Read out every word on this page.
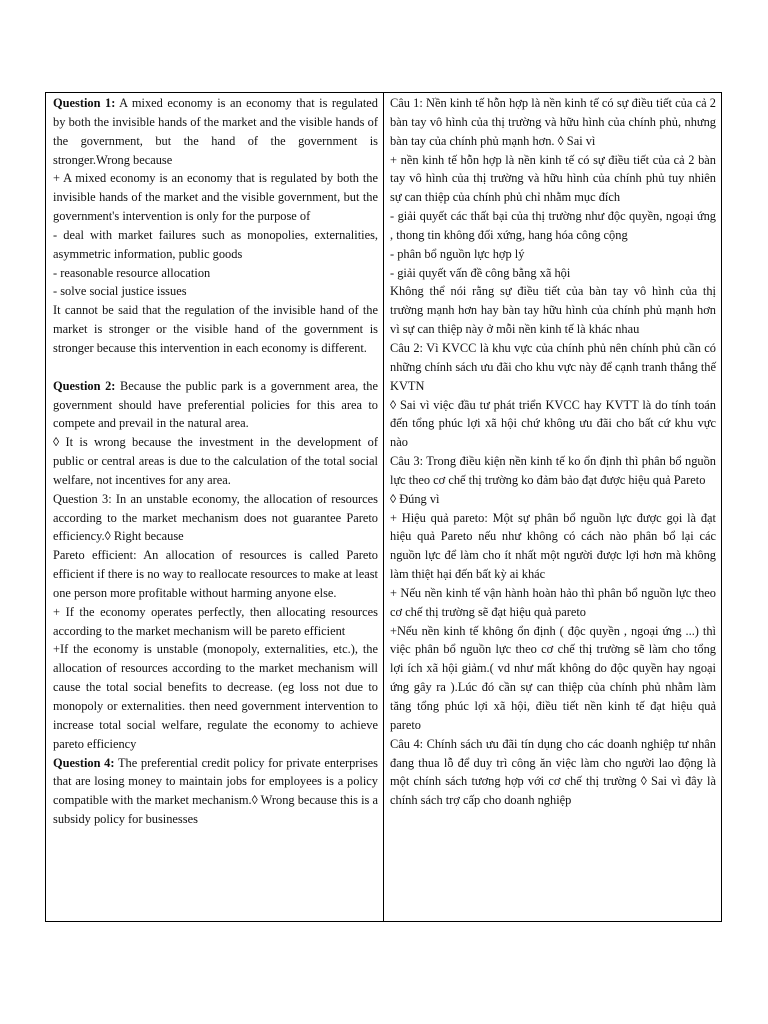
Question 1: A mixed economy is an economy that is regulated by both the invisible hands of the market and the visible hands of the government, but the hand of the government is stronger.Wrong because

+ A mixed economy is an economy that is regulated by both the invisible hands of the market and the visible government, but the government's intervention is only for the purpose of

- deal with market failures such as monopolies, externalities, asymmetric information, public goods

- reasonable resource allocation

- solve social justice issues

It cannot be said that the regulation of the invisible hand of the market is stronger or the visible hand of the government is stronger because this intervention in each economy is different.

Question 2: Because the public park is a government area, the government should have preferential policies for this area to compete and prevail in the natural area.

◊ It is wrong because the investment in the development of public or central areas is due to the calculation of the total social welfare, not incentives for any area.

Question 3: In an unstable economy, the allocation of resources according to the market mechanism does not guarantee Pareto efficiency.◊ Right because

Pareto efficient: An allocation of resources is called Pareto efficient if there is no way to reallocate resources to make at least one person more profitable without harming anyone else.

+ If the economy operates perfectly, then allocating resources according to the market mechanism will be pareto efficient

+If the economy is unstable (monopoly, externalities, etc.), the allocation of resources according to the market mechanism will cause the total social benefits to decrease. (eg loss not due to monopoly or externalities. then need government intervention to increase total social welfare, regulate the economy to achieve pareto efficiency

Question 4: The preferential credit policy for private enterprises that are losing money to maintain jobs for employees is a policy compatible with the market mechanism.◊ Wrong because this is a subsidy policy for businesses

Câu 1: Nền kinh tế hỗn hợp là nền kinh tế có sự điều tiết của cả 2 bàn tay vô hình của thị trường và hữu hình của chính phủ, nhưng bàn tay của chính phủ mạnh hơn. ◊ Sai vì

+ nền kinh tế hỗn hợp là nền kinh tế có sự điều tiết của cả 2 bàn tay vô hình của thị trường và hữu hình của chính phủ tuy nhiên sự can thiệp của chính phủ chỉ nhằm mục đích

- giải quyết các thất bại của thị trường như độc quyền, ngoại ứng , thong tin không đối xứng, hang hóa công cộng

- phân bổ nguồn lực hợp lý

- giải quyết vấn đề công bằng xã hội

Không thể nói rằng sự điều tiết của bàn tay vô hình của thị trường mạnh hơn hay bàn tay hữu hình của chính phủ mạnh hơn vì sự can thiệp này ở mỗi nền kinh tế là khác nhau

Câu 2: Vì KVCC là khu vực của chính phủ nên chính phủ cần có những chính sách ưu đãi cho khu vực này để cạnh tranh thắng thế KVTN

◊ Sai vì việc đầu tư phát triển KVCC hay KVTT là do tính toán đến tổng phúc lợi xã hội chứ không ưu đãi cho bất cứ khu vực nào

Câu 3: Trong điều kiện nền kinh tế ko ổn định thì phân bổ nguồn lực theo cơ chế thị trường ko đảm bảo đạt được hiệu quả Pareto

◊ Đúng vì

+ Hiệu quả pareto: Một sự phân bổ nguồn lực được gọi là đạt hiệu quả Pareto nếu như không có cách nào phân bổ lại các nguồn lực để làm cho ít nhất một người được lợi hơn mà không làm thiệt hại đến bất kỳ ai khác

+ Nếu nền kinh tế vận hành hoàn hảo thì phân bổ nguồn lực theo cơ chế thị trường sẽ đạt hiệu quả pareto

+Nếu nền kinh tế không ổn định ( độc quyền , ngoại ứng ...) thì việc phân bổ nguồn lực theo cơ chế thị trường sẽ làm cho tổng lợi ích xã hội giảm.( vd như mất không do độc quyền hay ngoại ứng gây ra ).Lúc đó cần sự can thiệp của chính phủ nhằm làm tăng tổng phúc lợi xã hội, điều tiết nền kinh tế đạt hiệu quả pareto

Câu 4: Chính sách ưu đãi tín dụng cho các doanh nghiệp tư nhân đang thua lỗ để duy trì công ăn việc làm cho người lao động là một chính sách tương hợp với cơ chế thị trường ◊ Sai vì đây là chính sách trợ cấp cho doanh nghiệp
